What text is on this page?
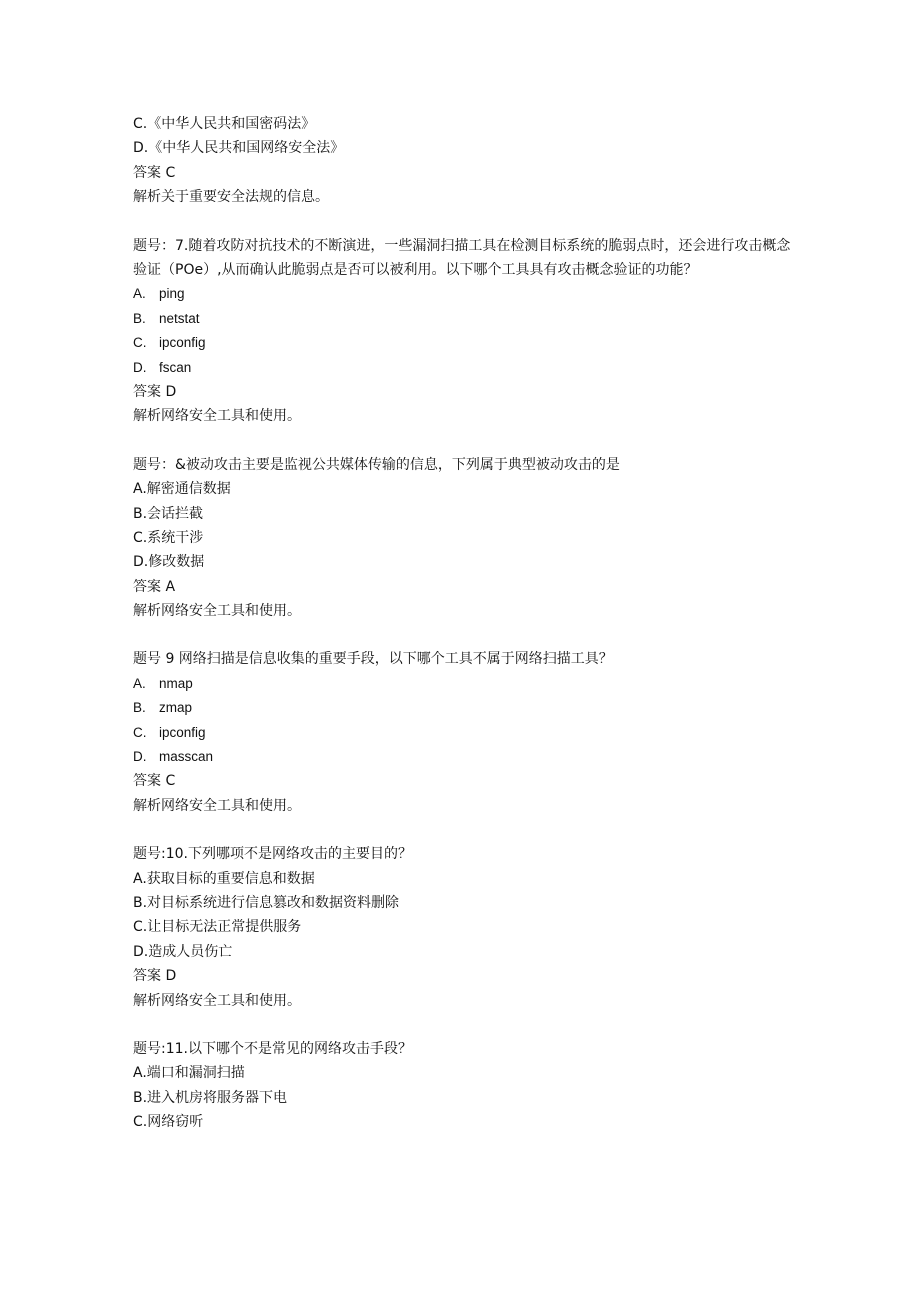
C.《中华人民共和国密码法》
D.《中华人民共和国网络安全法》
答案 C
解析关于重要安全法规的信息。
题号：7.随着攻防对抗技术的不断演进，一些漏洞扫描工具在检测目标系统的脆弱点时，还会进行攻击概念验证（POe）,从而确认此脆弱点是否可以被利用。以下哪个工具具有攻击概念验证的功能？
A. ping
B. netstat
C. ipconfig
D. fscan
答案 D
解析网络安全工具和使用。
题号：&被动攻击主要是监视公共媒体传输的信息，下列属于典型被动攻击的是
A.解密通信数据
B.会话拦截
C.系统干涉
D.修改数据
答案 A
解析网络安全工具和使用。
题号 9 网络扫描是信息收集的重要手段，以下哪个工具不属于网络扫描工具？
A. nmap
B. zmap
C. ipconfig
D. masscan
答案 C
解析网络安全工具和使用。
题号:10.下列哪项不是网络攻击的主要目的？
A.获取目标的重要信息和数据
B.对目标系统进行信息篡改和数据资料删除
C.让目标无法正常提供服务
D.造成人员伤亡
答案 D
解析网络安全工具和使用。
题号:11.以下哪个不是常见的网络攻击手段？
A.端口和漏洞扫描
B.进入机房将服务器下电
C.网络窃听
